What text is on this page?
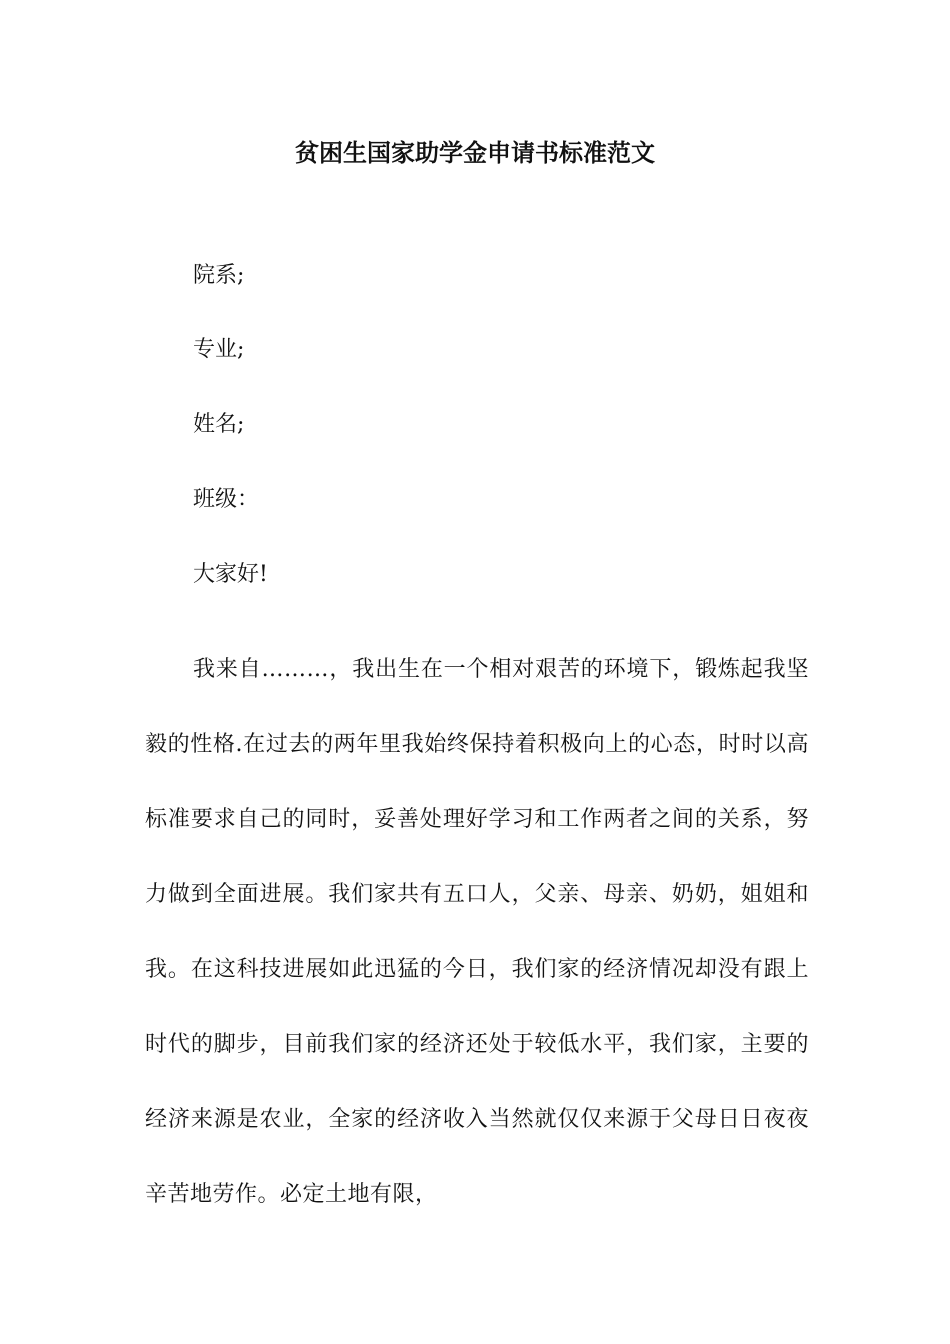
贫困生国家助学金申请书标准范文
院系;
专业;
姓名;
班级：
大家好!

我来自………，我出生在一个相对艰苦的环境下，锻炼起我坚毅的性格.在过去的两年里我始终保持着积极向上的心态，时时以高标准要求自己的同时，妥善处理好学习和工作两者之间的关系，努力做到全面进展。我们家共有五口人，父亲、母亲、奶奶，姐姐和我。在这科技进展如此迅猛的今日，我们家的经济情况却没有跟上时代的脚步，目前我们家的经济还处于较低水平，我们家，主要的经济来源是农业，全家的经济收入当然就仅仅来源于父母日日夜夜辛苦地劳作。必定土地有限，
